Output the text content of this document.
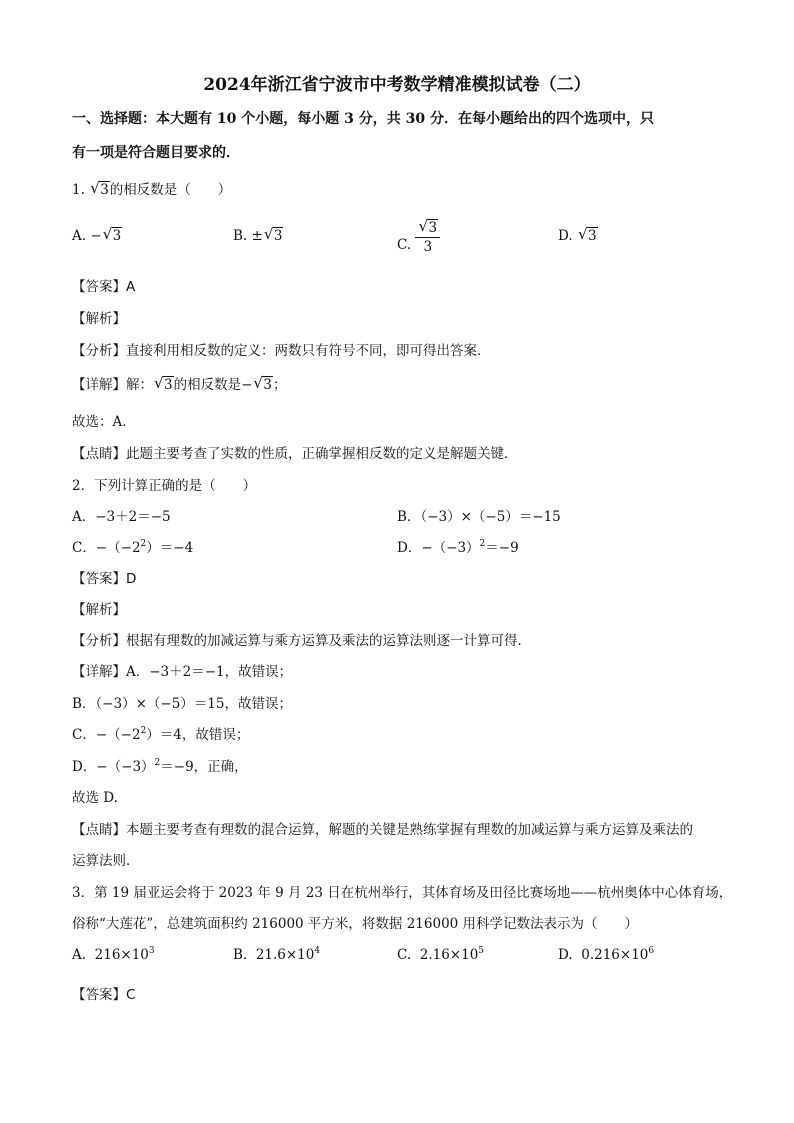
2024年浙江省宁波市中考数学精准模拟试卷（二）
一、选择题：本大题有 10 个小题，每小题 3 分，共 30 分．在每小题给出的四个选项中，只
有一项是符合题目要求的．
1. √ 3的相反数是（　　）
A. − √ 3	B. ± √ 3
C. $\frac{√ 3}{3}$	D. √ 3
【答案】A
【解析】
【分析】直接利用相反数的定义：两数只有符号不同，即可得出答案．
【详解】解： √ 3的相反数是− √ 3；
故选：A．
【点睛】此题主要考查了实数的性质，正确掌握相反数的定义是解题关键．
2．下列计算正确的是（　　）
A．−3＋2＝−5	B．（−3）×（−5）＝−15
C．$-(-2^2)=-4$	D．$-(-3)^2=-9$
【答案】D
【解析】
【分析】根据有理数的加减运算与乘方运算及乘法的运算法则逐一计算可得．
【详解】A．−3＋2＝−1，故错误；
B．（−3）×（−5）＝15，故错误；
C．$-(-2^2)=4$，故错误；
D．$-(-3)^2=-9$，正确，
故选 D.
【点睛】本题主要考查有理数的混合运算，解题的关键是熟练掌握有理数的加减运算与乘方运算及乘法的
运算法则．
3．第 19 届亚运会将于 2023 年 9 月 23 日在杭州举行，其体育场及田径比赛场地——杭州奥体中心体育场，
俗称“大莲花”，总建筑面积约 216000 平方米，将数据 216000 用科学记数法表示为（　　）
A. $216\times 10^3$	B. $21.6\times 10^4$	C. $2.16\times 10^5$	D. $0.216\times 10^6$
【答案】C
